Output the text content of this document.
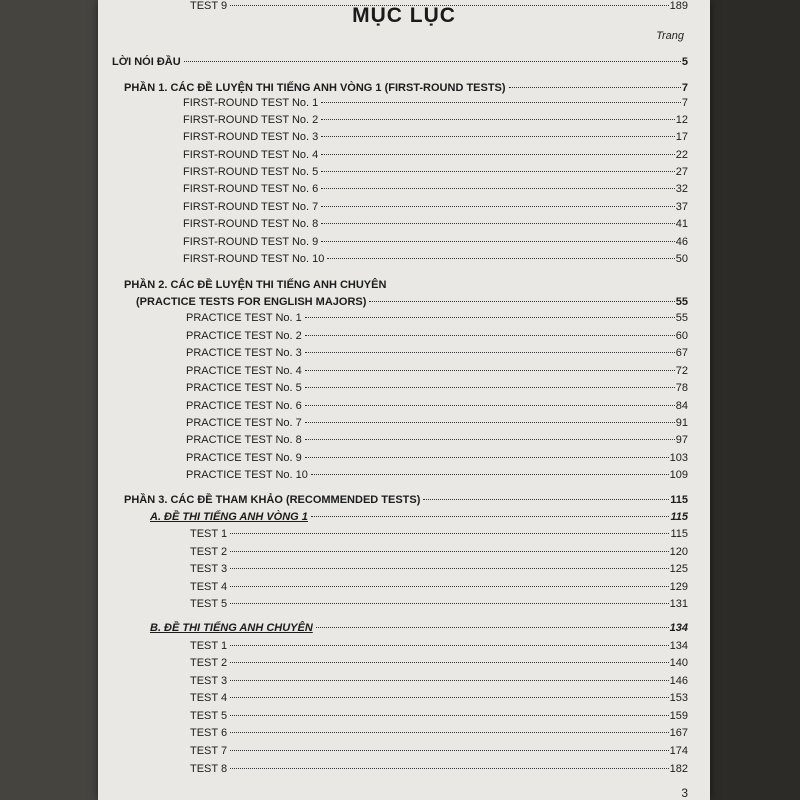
MỤC LỤC
Trang
LỜI NÓI ĐẦU	5
PHẦN 1. CÁC ĐỀ LUYỆN THI TIẾNG ANH VÒNG 1 (FIRST-ROUND TESTS)	7
FIRST-ROUND TEST No. 1	7
FIRST-ROUND TEST No. 2	12
FIRST-ROUND TEST No. 3	17
FIRST-ROUND TEST No. 4	22
FIRST-ROUND TEST No. 5	27
FIRST-ROUND TEST No. 6	32
FIRST-ROUND TEST No. 7	37
FIRST-ROUND TEST No. 8	41
FIRST-ROUND TEST No. 9	46
FIRST-ROUND TEST No. 10	50
PHẦN 2. CÁC ĐỀ LUYỆN THI TIẾNG ANH CHUYÊN
(PRACTICE TESTS FOR ENGLISH MAJORS)	55
PRACTICE TEST No. 1	55
PRACTICE TEST No. 2	60
PRACTICE TEST No. 3	67
PRACTICE TEST No. 4	72
PRACTICE TEST No. 5	78
PRACTICE TEST No. 6	84
PRACTICE TEST No. 7	91
PRACTICE TEST No. 8	97
PRACTICE TEST No. 9	103
PRACTICE TEST No. 10	109
PHẦN 3. CÁC ĐỀ THAM KHẢO (RECOMMENDED TESTS)	115
A. ĐỀ THI TIẾNG ANH VÒNG 1	115
TEST 1	115
TEST 2	120
TEST 3	125
TEST 4	129
TEST 5	131
B. ĐỀ THI TIẾNG ANH CHUYÊN	134
TEST 1	134
TEST 2	140
TEST 3	146
TEST 4	153
TEST 5	159
TEST 6	167
TEST 7	174
TEST 8	182
TEST 9	189
3
